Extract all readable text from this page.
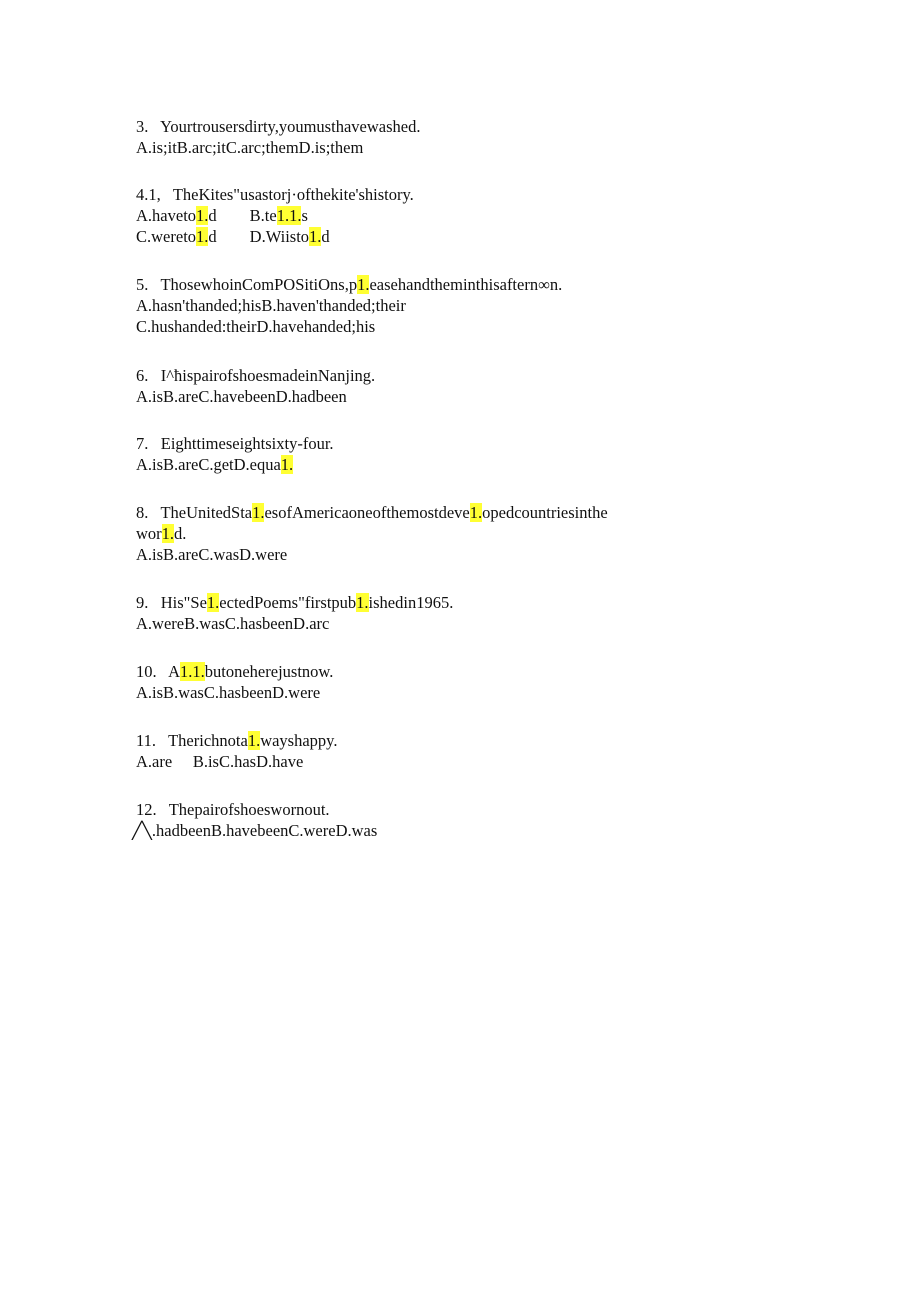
3.   Yourtrousersdirty,youmusthavewashed.
A.is;itB.arc;itC.arc;themD.is;them
4.1,   TheKites"usastorj·ofthekite'shistory.
A.haveto1.d B.te1.1.s
C.wereto1.d D.Wiisto1.d
5.   ThosewhoinComPOSitiOns,p1.easehandtheminthisaftern∞n.
A.hasn'thanded;hisB.haven'thanded;their
C.hushanded:theirD.havehanded;his
6.   I^ħispairofshoesmadeinNanjing.
A.isB.areC.havebeenD.hadbeen
7.   Eighttimeseightsixty-four.
A.isB.areC.getD.equa1.
8.   TheUnitedSta1.esofAmericaoneofthemostdeve1.opedcountriesinthe
wor1.d.
A.isB.areC.wasD.were
9.   His"Se1.ectedPoems"firstpub1.ishedin1965.
A.wereB.wasC.hasbeenD.arc
10.   A1.1.butoneherejustnow.
A.isB.wasC.hasbeenD.were
11.   Therichnota1.wayshappy.
A.are B.isC.hasD.have
12.   Thepairofshoeswornout.
╱╲.hadbeenB.havebeenC.wereD.was
